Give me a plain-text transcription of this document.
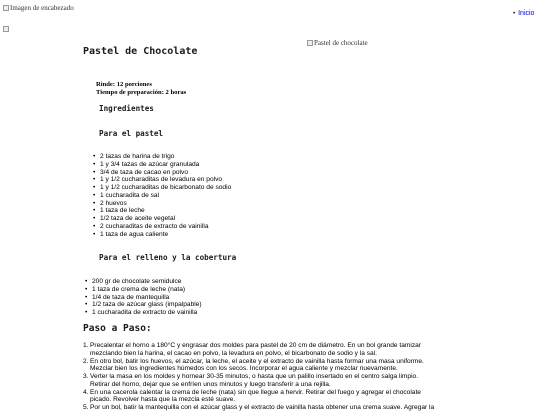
Imagen de encabezado
• Inicio
Pastel de chocolate
Pastel de Chocolate
Rinde: 12 porciones
Tiempo de preparación: 2 horas
Ingredientes
Para el pastel
• 2 tazas de harina de trigo
• 1 y 3/4 tazas de azúcar granulada
• 3/4 de taza de cacao en polvo
• 1 y 1/2 cucharaditas de levadura en polvo
• 1 y 1/2 cucharaditas de bicarbonato de sodio
• 1 cucharadita de sal
• 2 huevos
• 1 taza de leche
• 1/2 taza de aceite vegetal
• 2 cucharaditas de extracto de vainilla
• 1 taza de agua caliente
Para el relleno y la cobertura
• 200 gr de chocolate semidulce
• 1 taza de crema de leche (nata)
• 1/4 de taza de mantequilla
• 1/2 taza de azúcar glass (impalpable)
• 1 cucharadita de extracto de vainilla
Paso a Paso:
1. Precalentar el horno a 180°C y engrasar dos moldes para pastel de 20 cm de diámetro. En un bol grande tamizar
mezclando bien la harina, el cacao en polvo, la levadura en polvo, el bicarbonato de sodio y la sal.
2. En otro bol, batir los huevos, el azúcar, la leche, el aceite y el extracto de vainilla hasta formar una masa uniforme.
Mezclar bien los ingredientes húmedos con los secos. Incorporar el agua caliente y mezclar nuevamente.
3. Verter la masa en los moldes y hornear 30-35 minutos, o hasta que un palillo insertado en el centro salga limpio.
Retirar del horno, dejar que se enfríen unos minutos y luego transferir a una rejilla.
4. En una cacerola calentar la crema de leche (nata) sin que llegue a hervir. Retirar del fuego y agregar el chocolate
picado. Revolver hasta que la mezcla esté suave.
5. Por un bol, batir la mantequilla con el azúcar glass y el extracto de vainilla hasta obtener una crema suave. Agregar la
